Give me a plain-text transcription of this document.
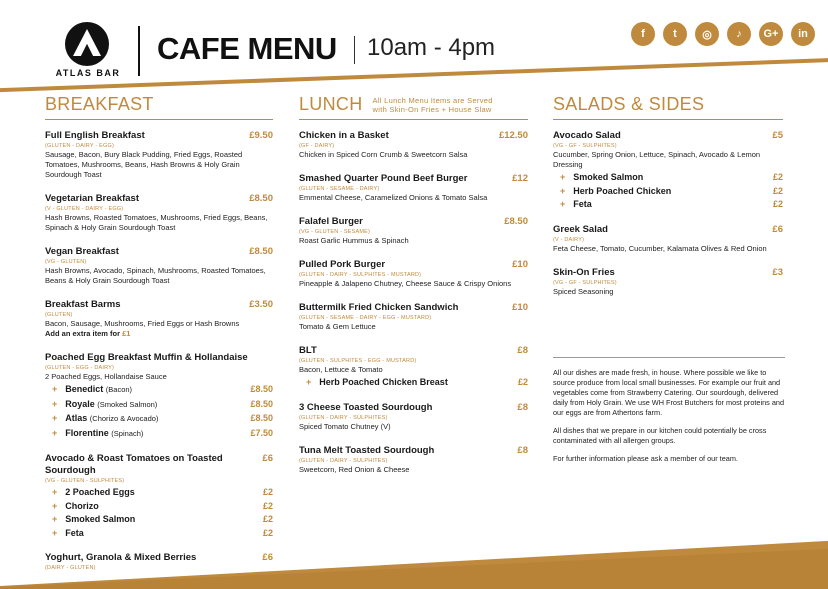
ATLAS BAR
CAFE MENU 10am - 4pm	f	t	◎	♪	G+	in
BREAKFAST
Full English Breakfast	£9.50
(GLUTEN - DAIRY - EGG)
Sausage, Bacon, Bury Black Pudding, Fried Eggs, Roasted Tomatoes, Mushrooms, Beans, Hash Browns & Holy Grain Sourdough Toast
Vegetarian Breakfast	£8.50
(V - GLUTEN - DAIRY - EGG)
Hash Browns, Roasted Tomatoes, Mushrooms, Fried Eggs, Beans, Spinach & Holy Grain Sourdough Toast
Vegan Breakfast	£8.50
(VG - GLUTEN)
Hash Browns, Avocado, Spinach, Mushrooms, Roasted Tomatoes, Beans & Holy Grain Sourdough Toast
Breakfast Barms	£3.50
(GLUTEN)
Bacon, Sausage, Mushrooms, Fried Eggs or Hash Browns
Add an extra item for £1
Poached Egg Breakfast Muffin & Hollandaise
(GLUTEN - EGG - DAIRY)
2 Poached Eggs, Hollandaise Sauce
+ Benedict (Bacon)	£8.50
+ Royale (Smoked Salmon)	£8.50
+ Atlas (Chorizo & Avocado)	£8.50
+ Florentine (Spinach)	£7.50
Avocado & Roast Tomatoes on Toasted Sourdough
£6
(VG - GLUTEN - SULPHITES)
+ 2 Poached Eggs	£2
+ Chorizo	£2
+ Smoked Salmon	£2
+ Feta	£2
Yoghurt, Granola & Mixed Berries	£6
(DAIRY - GLUTEN)
LUNCH All Lunch Menu Items are Served with Skin-On Fries + House Slaw
Chicken in a Basket	£12.50
(GF - DAIRY)
Chicken in Spiced Corn Crumb & Sweetcorn Salsa
Smashed Quarter Pound Beef Burger	£12
(GLUTEN - SESAME - DAIRY)
Emmental Cheese, Caramelized Onions & Tomato Salsa
Falafel Burger	£8.50
(VG - GLUTEN - SESAME)
Roast Garlic Hummus & Spinach
Pulled Pork Burger	£10
(GLUTEN - DAIRY - SULPHITES - MUSTARD)
Pineapple & Jalapeno Chutney, Cheese Sauce & Crispy Onions
Buttermilk Fried Chicken Sandwich	£10
(GLUTEN - SESAME - DAIRY - EGG - MUSTARD)
Tomato & Gem Lettuce
BLT	£8
(GLUTEN - SULPHITES - EGG - MUSTARD)
Bacon, Lettuce & Tomato
+ Herb Poached Chicken Breast	£2
3 Cheese Toasted Sourdough	£8
(GLUTEN - DAIRY - SULPHITES)
Spiced Tomato Chutney (V)
Tuna Melt Toasted Sourdough	£8
(GLUTEN - DAIRY - SULPHITES)
Sweetcorn, Red Onion & Cheese
SALADS & SIDES
Avocado Salad	£5
(VG - GF - SULPHITES)
Cucumber, Spring Onion, Lettuce, Spinach, Avocado & Lemon Dressing
+ Smoked Salmon	£2
+ Herb Poached Chicken	£2
+ Feta	£2
Greek Salad	£6
(V - DAIRY)
Feta Cheese, Tomato, Cucumber, Kalamata Olives & Red Onion
Skin-On Fries	£3
(VG - GF - SULPHITES)
Spiced Seasoning

All our dishes are made fresh, in house. Where possible we like to source produce from local small businesses. For example our fruit and vegetables come from Strawberry Catering. Our sourdough, delivered daily from Holy Grain. We use WH Frost Butchers for most proteins and our eggs are from Athertons farm.

All dishes that we prepare in our kitchen could potentially be cross contaminated with all allergen groups.

For further information please ask a member of our team.
